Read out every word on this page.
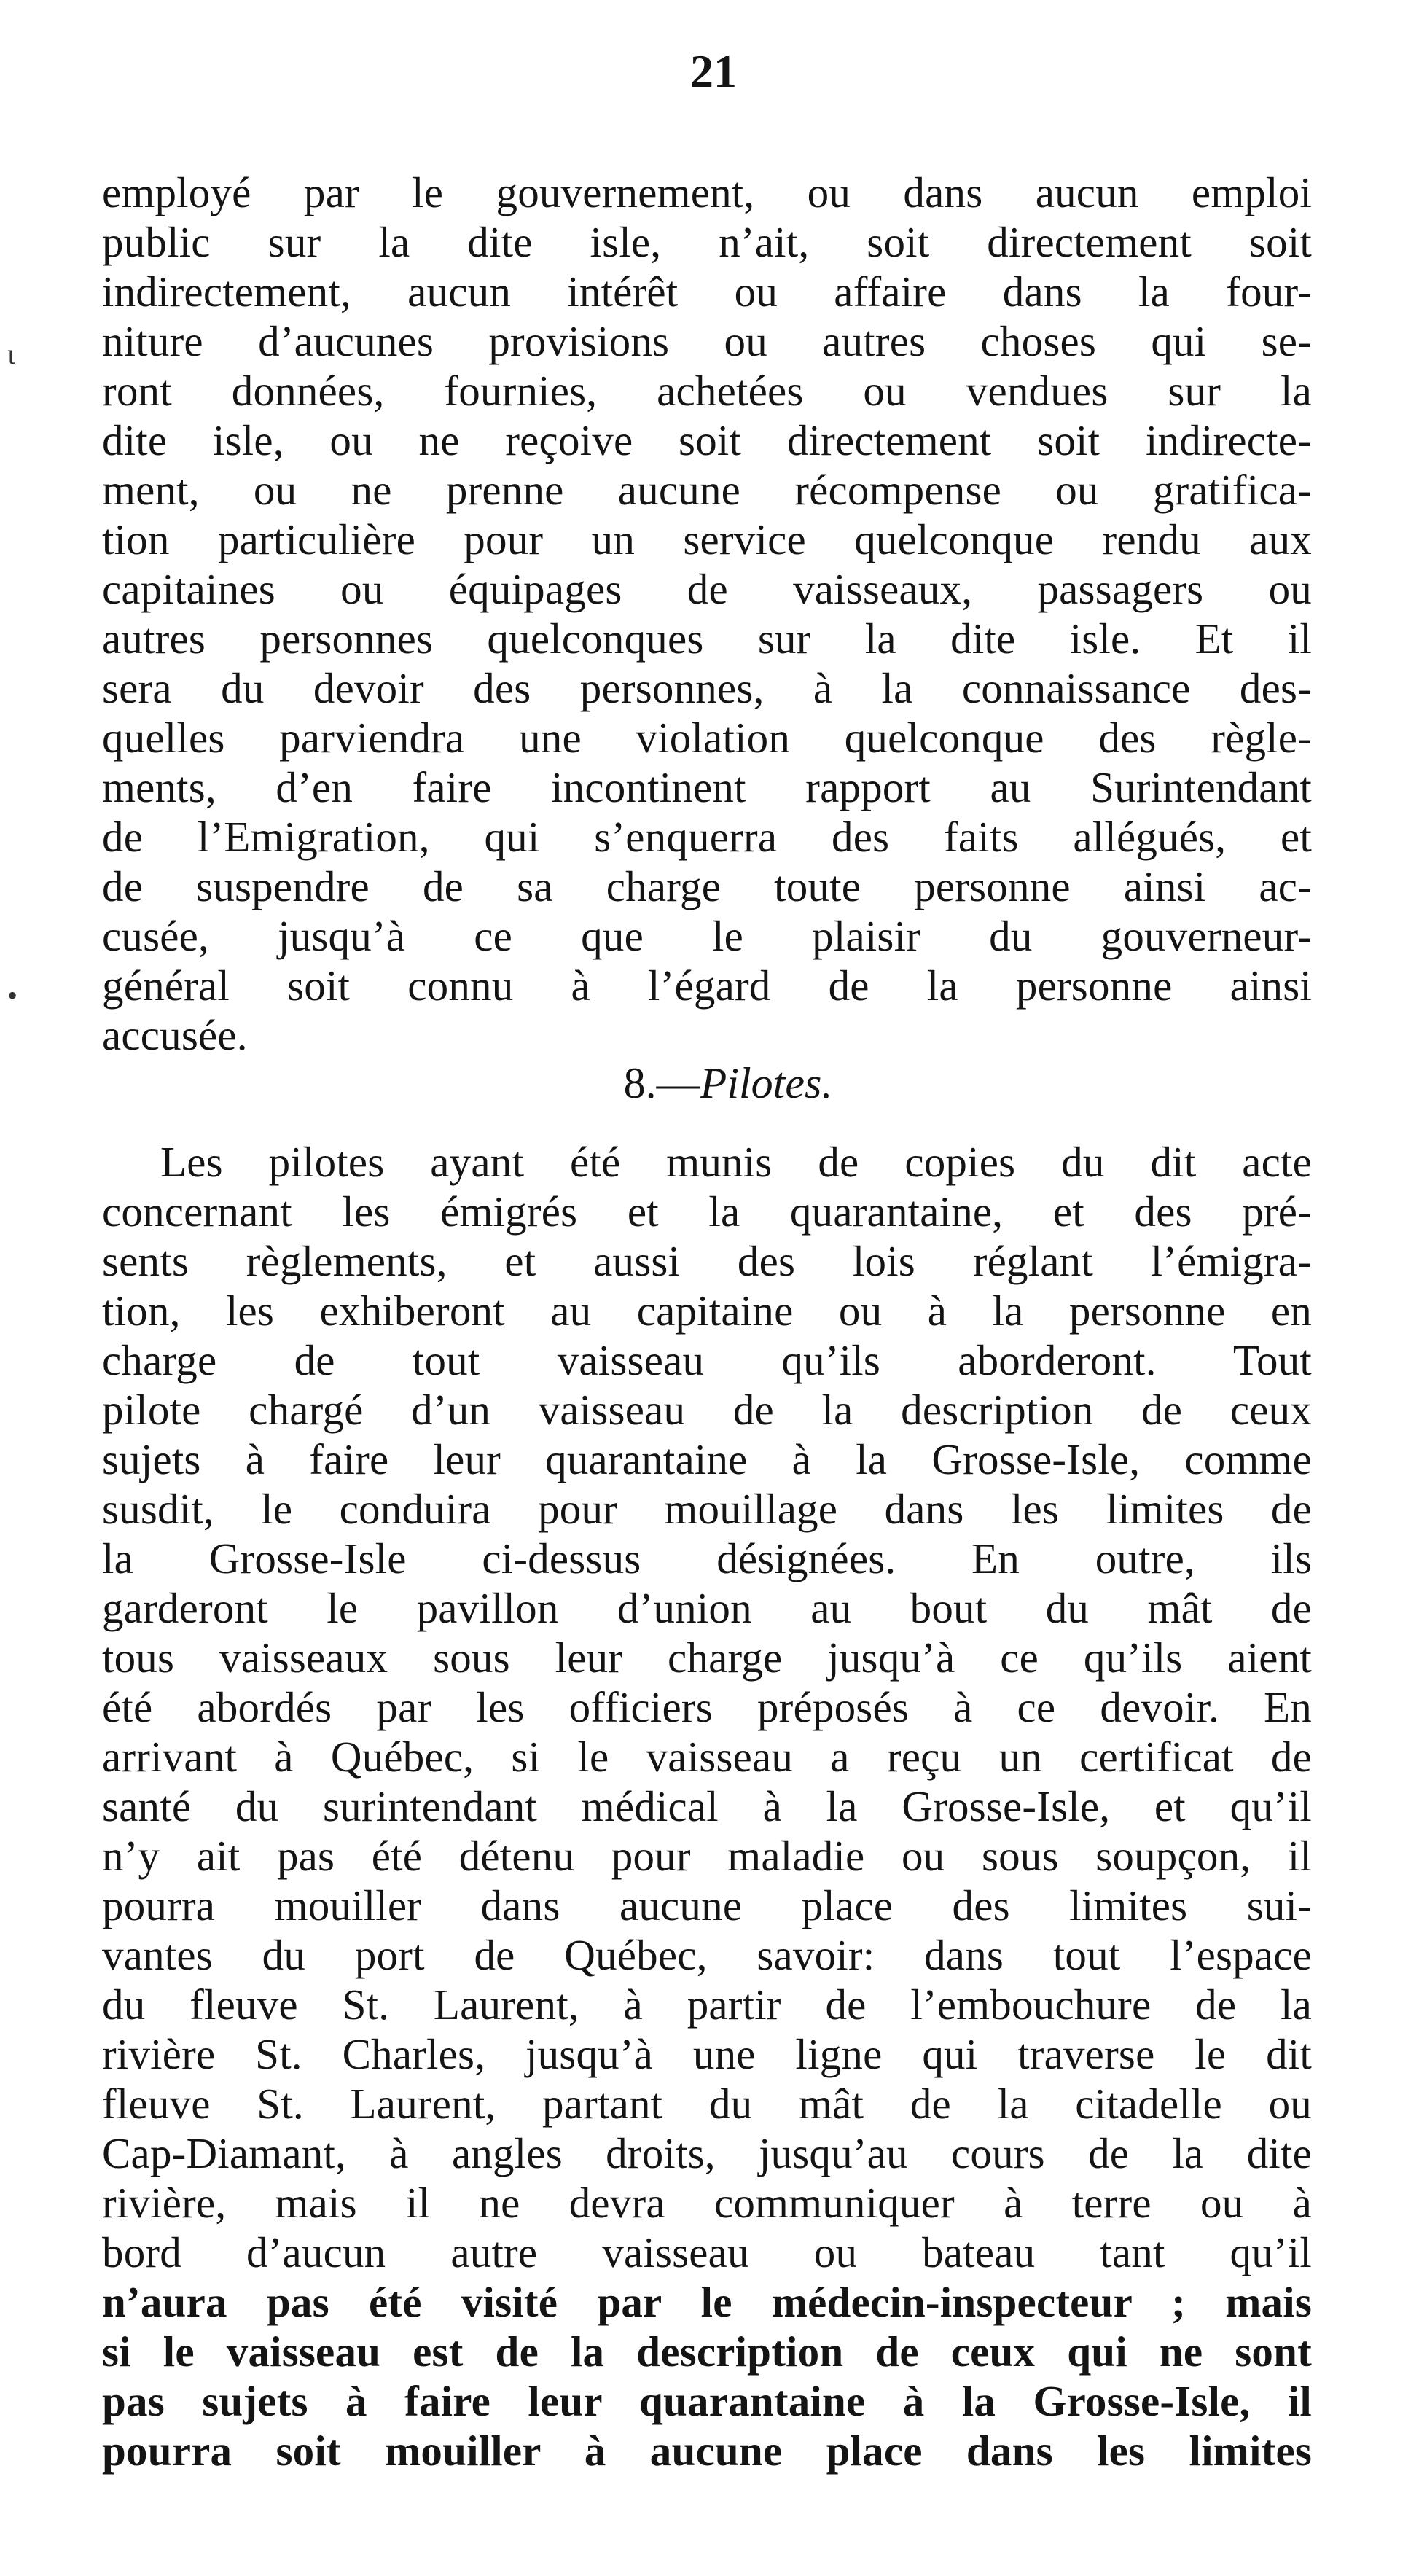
21
ι
•
employé par le gouvernement, ou dans aucun emploi
public sur la dite isle, n’ait, soit directement soit
indirectement, aucun intérêt ou affaire dans la four-
niture d’aucunes provisions ou autres choses qui se-
ront données, fournies, achetées ou vendues sur la
dite isle, ou ne reçoive soit directement soit indirecte-
ment, ou ne prenne aucune récompense ou gratifica-
tion particulière pour un service quelconque rendu aux
capitaines ou équipages de vaisseaux, passagers ou
autres personnes quelconques sur la dite isle. Et il
sera du devoir des personnes, à la connaissance des-
quelles parviendra une violation quelconque des règle-
ments, d’en faire incontinent rapport au Surintendant
de l’Emigration, qui s’enquerra des faits allégués, et
de suspendre de sa charge toute personne ainsi ac-
cusée, jusqu’à ce que le plaisir du gouverneur-
général soit connu à l’égard de la personne ainsi
accusée.
8.—Pilotes.
Les pilotes ayant été munis de copies du dit acte
concernant les émigrés et la quarantaine, et des pré-
sents règlements, et aussi des lois réglant l’émigra-
tion, les exhiberont au capitaine ou à la personne en
charge de tout vaisseau qu’ils aborderont. Tout
pilote chargé d’un vaisseau de la description de ceux
sujets à faire leur quarantaine à la Grosse-Isle, comme
susdit, le conduira pour mouillage dans les limites de
la Grosse-Isle ci-dessus désignées. En outre, ils
garderont le pavillon d’union au bout du mât de
tous vaisseaux sous leur charge jusqu’à ce qu’ils aient
été abordés par les officiers préposés à ce devoir. En
arrivant à Québec, si le vaisseau a reçu un certificat de
santé du surintendant médical à la Grosse-Isle, et qu’il
n’y ait pas été détenu pour maladie ou sous soupçon, il
pourra mouiller dans aucune place des limites sui-
vantes du port de Québec, savoir: dans tout l’espace
du fleuve St. Laurent, à partir de l’embouchure de la
rivière St. Charles, jusqu’à une ligne qui traverse le dit
fleuve St. Laurent, partant du mât de la citadelle ou
Cap-Diamant, à angles droits, jusqu’au cours de la dite
rivière, mais il ne devra communiquer à terre ou à
bord d’aucun autre vaisseau ou bateau tant qu’il
n’aura pas été visité par le médecin-inspecteur ; mais
si le vaisseau est de la description de ceux qui ne sont
pas sujets à faire leur quarantaine à la Grosse-Isle, il
pourra soit mouiller à aucune place dans les limites
